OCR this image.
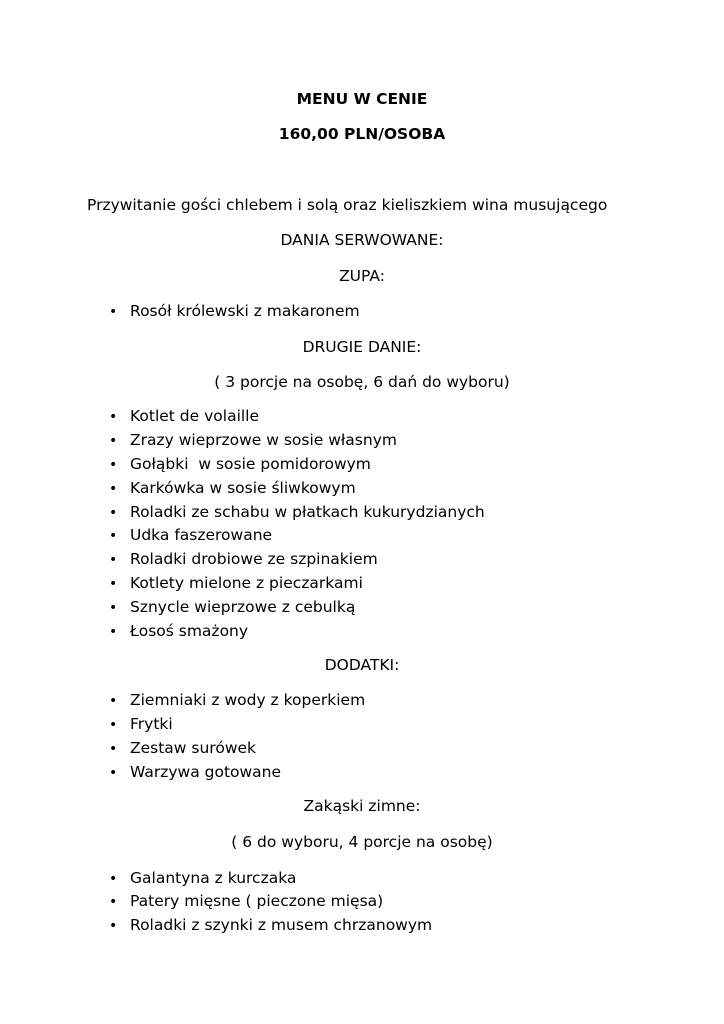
MENU W CENIE
160,00 PLN/OSOBA
Przywitanie gości chlebem i solą oraz kieliszkiem wina musującego
DANIA SERWOWANE:
ZUPA:
• Rosół królewski z makaronem
DRUGIE DANIE:
( 3 porcje na osobę, 6 dań do wyboru)
• Kotlet de volaille
• Zrazy wieprzowe w sosie własnym
• Gołąbki  w sosie pomidorowym
• Karkówka w sosie śliwkowym
• Roladki ze schabu w płatkach kukurydzianych
• Udka faszerowane
• Roladki drobiowe ze szpinakiem
• Kotlety mielone z pieczarkami
• Sznycle wieprzowe z cebulką
• Łosoś smażony
DODATKI:
• Ziemniaki z wody z koperkiem
• Frytki
• Zestaw surówek
• Warzywa gotowane
Zakąski zimne:
( 6 do wyboru, 4 porcje na osobę)
• Galantyna z kurczaka
• Patery mięsne ( pieczone mięsa)
• Roladki z szynki z musem chrzanowym
